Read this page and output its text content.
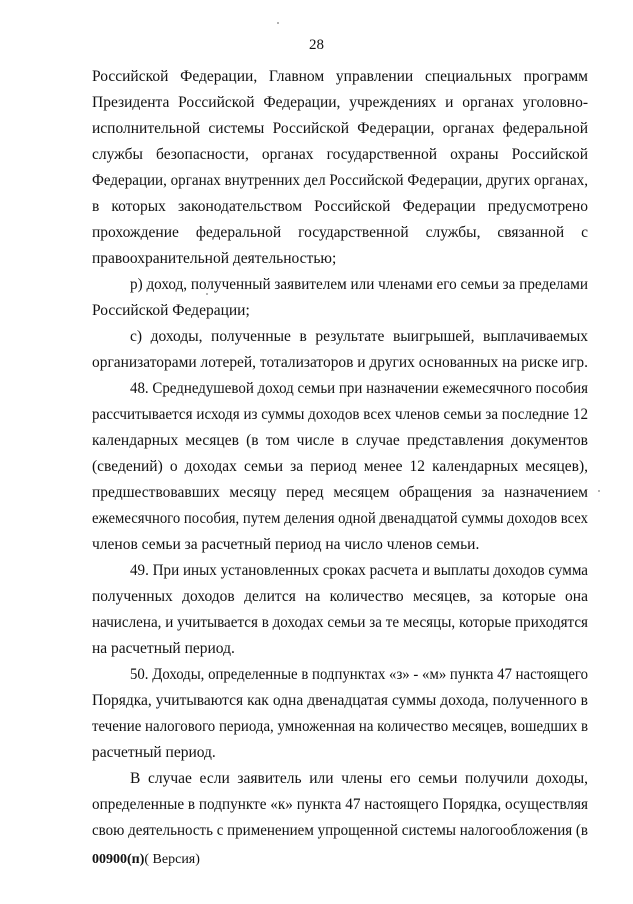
28
Российской Федерации, Главном управлении специальных программ
Президента Российской Федерации, учреждениях и органах уголовно-
исполнительной системы Российской Федерации, органах федеральной
службы безопасности, органах государственной охраны Российской
Федерации, органах внутренних дел Российской Федерации, других органах,
в которых законодательством Российской Федерации предусмотрено
прохождение федеральной государственной службы, связанной с
правоохранительной деятельностью;
р) доход, полученный заявителем или членами его семьи за пределами
Российской Федерации;
с) доходы, полученные в результате выигрышей, выплачиваемых
организаторами лотерей, тотализаторов и других основанных на риске игр.
48. Среднедушевой доход семьи при назначении ежемесячного пособия
рассчитывается исходя из суммы доходов всех членов семьи за последние 12
календарных месяцев (в том числе в случае представления документов
(сведений) о доходах семьи за период менее 12 календарных месяцев),
предшествовавших месяцу перед месяцем обращения за назначением
ежемесячного пособия, путем деления одной двенадцатой суммы доходов всех
членов семьи за расчетный период на число членов семьи.
49. При иных установленных сроках расчета и выплаты доходов сумма
полученных доходов делится на количество месяцев, за которые она
начислена, и учитывается в доходах семьи за те месяцы, которые приходятся
на расчетный период.
50. Доходы, определенные в подпунктах «з» - «м» пункта 47 настоящего
Порядка, учитываются как одна двенадцатая суммы дохода, полученного в
течение налогового периода, умноженная на количество месяцев, вошедших в
расчетный период.
В случае если заявитель или члены его семьи получили доходы,
определенные в подпункте «к» пункта 47 настоящего Порядка, осуществляя
свою деятельность с применением упрощенной системы налогообложения (в
00900(п)( Версия)
